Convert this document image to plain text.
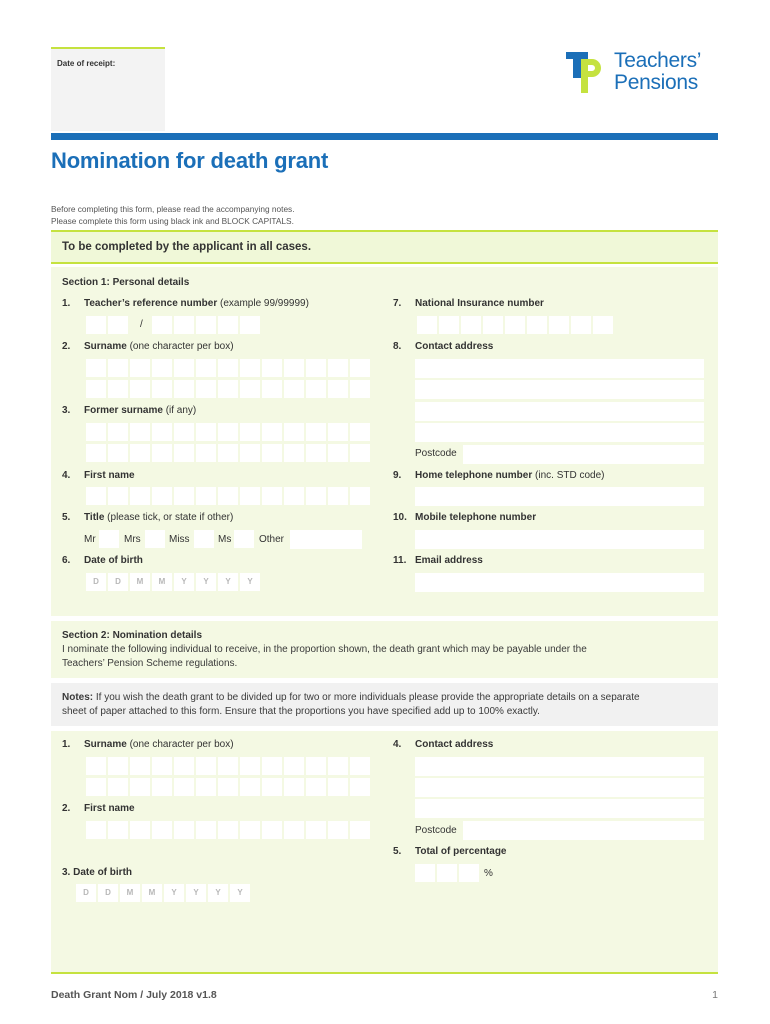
Date of receipt:	Teachers’
Pensions
Nomination for death grant
Before completing this form, please read the accompanying notes.
Please complete this form using black ink and BLOCK CAPITALS.
To be completed by the applicant in all cases.
Section 1: Personal details
1. Teacher’s reference number (example 99/99999)
/
2. Surname (one character per box)
3. Former surname (if any)
4. First name
5. Title (please tick, or state if other)
Mr	Mrs	Miss	Ms	Other
6. Date of birth
D	D	M	M	Y	Y	Y	Y
7. National Insurance number
8. Contact address
Postcode
9. Home telephone number (inc. STD code)
10. Mobile telephone number
11. Email address
Section 2: Nomination details
I nominate the following individual to receive, in the proportion shown, the death grant which may be payable under the
Teachers’ Pension Scheme regulations.
Notes: If you wish the death grant to be divided up for two or more individuals please provide the appropriate details on a separate
sheet of paper attached to this form. Ensure that the proportions you have specified add up to 100% exactly.
1. Surname (one character per box)
2. First name
3. Date of birth
D	D	M	M	Y	Y	Y	Y
4. Contact address
Postcode
5. Total of percentage
%
Death Grant Nom / July 2018 v1.8	1
